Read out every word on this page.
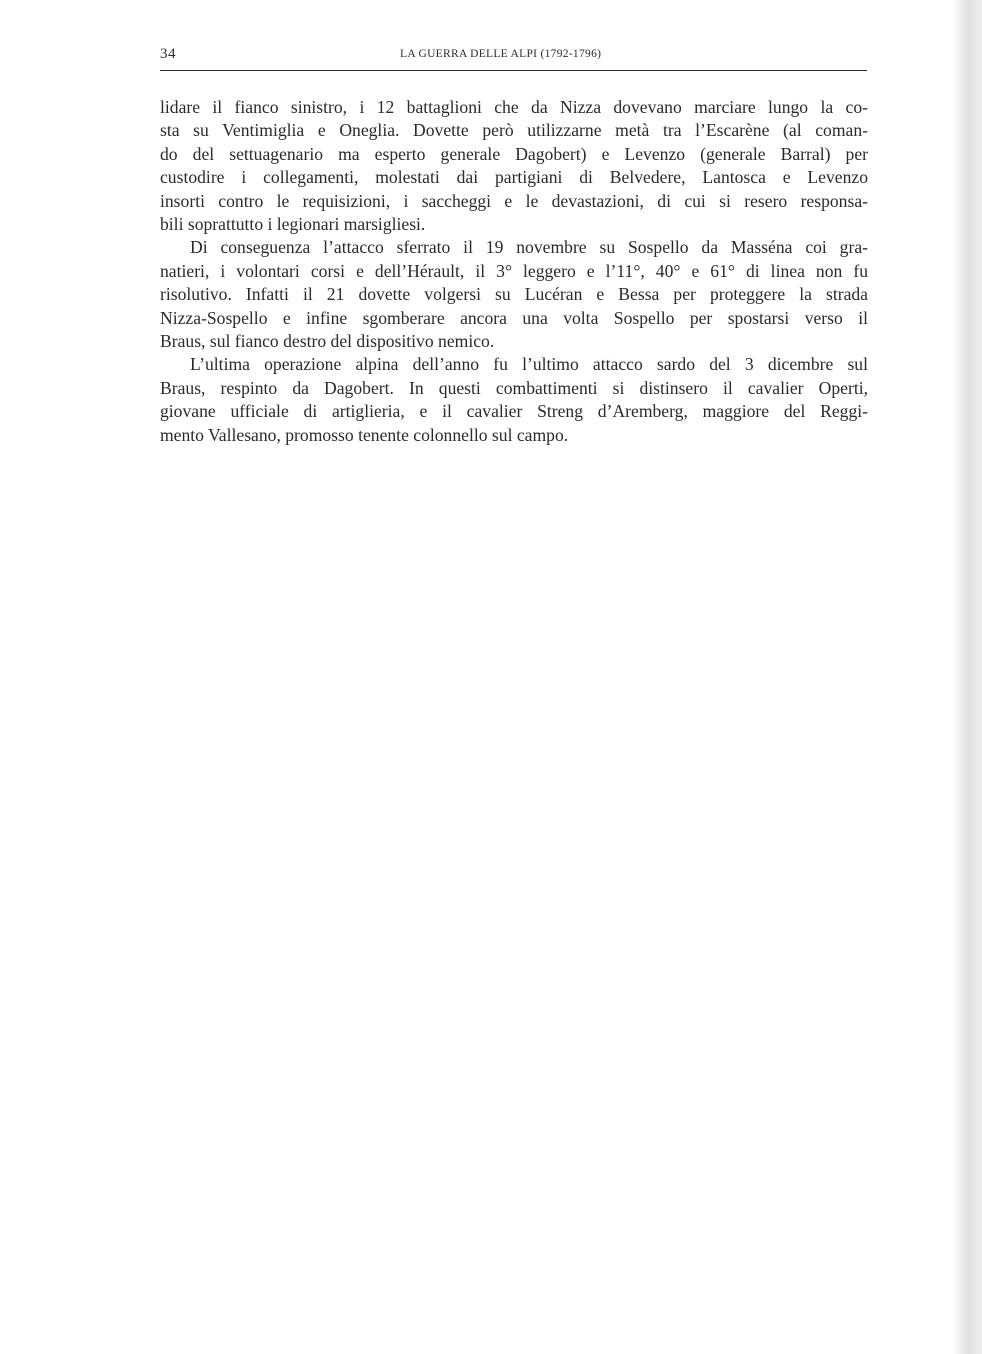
34	LA GUERRA DELLE ALPI (1792-1796)
lidare il fianco sinistro, i 12 battaglioni che da Nizza dovevano marciare lungo la co-
sta su Ventimiglia e Oneglia. Dovette però utilizzarne metà tra l’Escarène (al coman-
do del settuagenario ma esperto generale Dagobert) e Levenzo (generale Barral) per
custodire i collegamenti, molestati dai partigiani di Belvedere, Lantosca e Levenzo
insorti contro le requisizioni, i saccheggi e le devastazioni, di cui si resero responsa-
bili soprattutto i legionari marsigliesi.
Di conseguenza l’attacco sferrato il 19 novembre su Sospello da Masséna coi gra-
natieri, i volontari corsi e dell’Hérault, il 3° leggero e l’11°, 40° e 61° di linea non fu
risolutivo. Infatti il 21 dovette volgersi su Lucéran e Bessa per proteggere la strada
Nizza-Sospello e infine sgomberare ancora una volta Sospello per spostarsi verso il
Braus, sul fianco destro del dispositivo nemico.
L’ultima operazione alpina dell’anno fu l’ultimo attacco sardo del 3 dicembre sul
Braus, respinto da Dagobert. In questi combattimenti si distinsero il cavalier Operti,
giovane ufficiale di artiglieria, e il cavalier Streng d’Aremberg, maggiore del Reggi-
mento Vallesano, promosso tenente colonnello sul campo.
